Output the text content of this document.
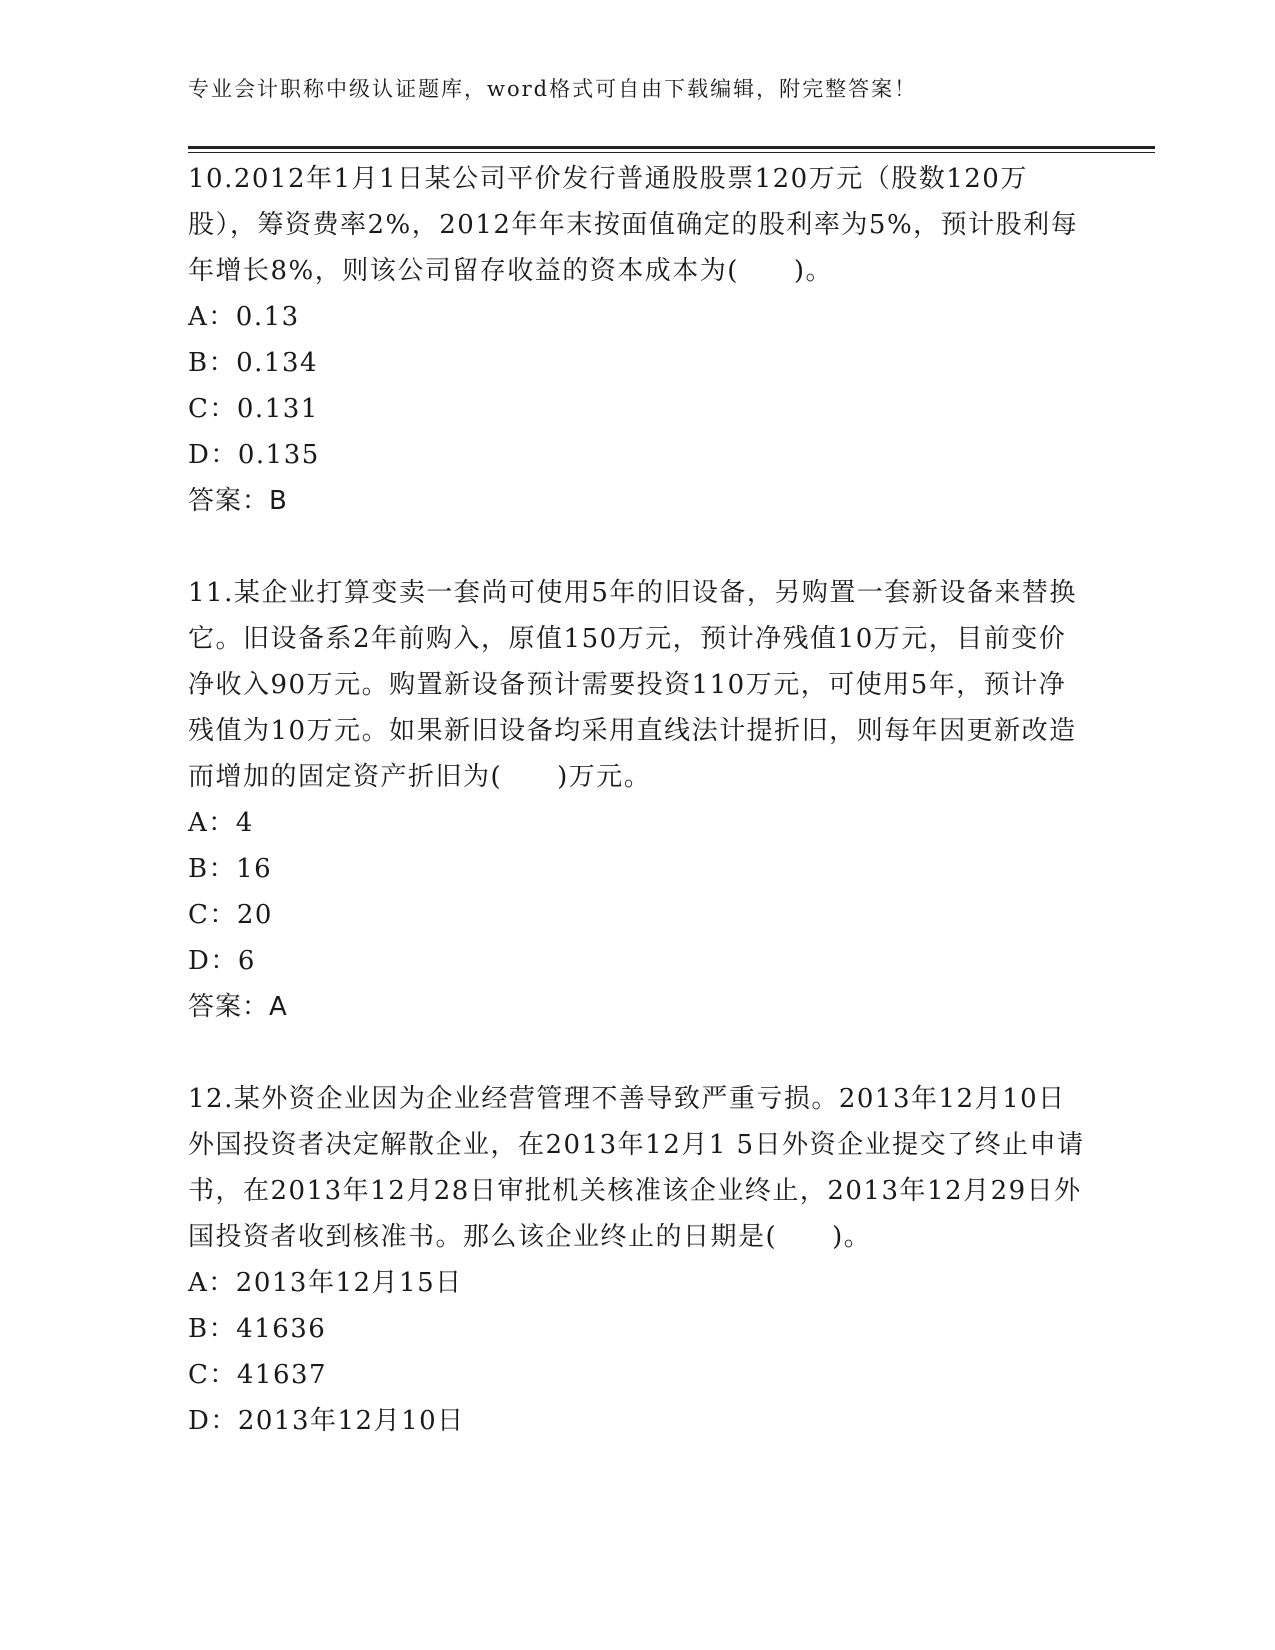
专业会计职称中级认证题库，word格式可自由下载编辑，附完整答案！

10.2012年1月1日某公司平价发行普通股股票120万元（股数120万股），筹资费率2%，2012年年末按面值确定的股利率为5%，预计股利每年增长8%，则该公司留存收益的资本成本为(　　)。

A：0.13

B：0.134

C：0.131

D：0.135

答案：B

11.某企业打算变卖一套尚可使用5年的旧设备，另购置一套新设备来替换它。旧设备系2年前购入，原值150万元，预计净残值10万元，目前变价净收入90万元。购置新设备预计需要投资110万元，可使用5年，预计净残值为10万元。如果新旧设备均采用直线法计提折旧，则每年因更新改造而增加的固定资产折旧为(　　)万元。

A：4

B：16

C：20

D：6

答案：A

12.某外资企业因为企业经营管理不善导致严重亏损。2013年12月10日外国投资者决定解散企业，在2013年12月1 5日外资企业提交了终止申请书，在2013年12月28日审批机关核准该企业终止，2013年12月29日外国投资者收到核准书。那么该企业终止的日期是(　　)。

A：2013年12月15日

B：41636

C：41637

D：2013年12月10日
